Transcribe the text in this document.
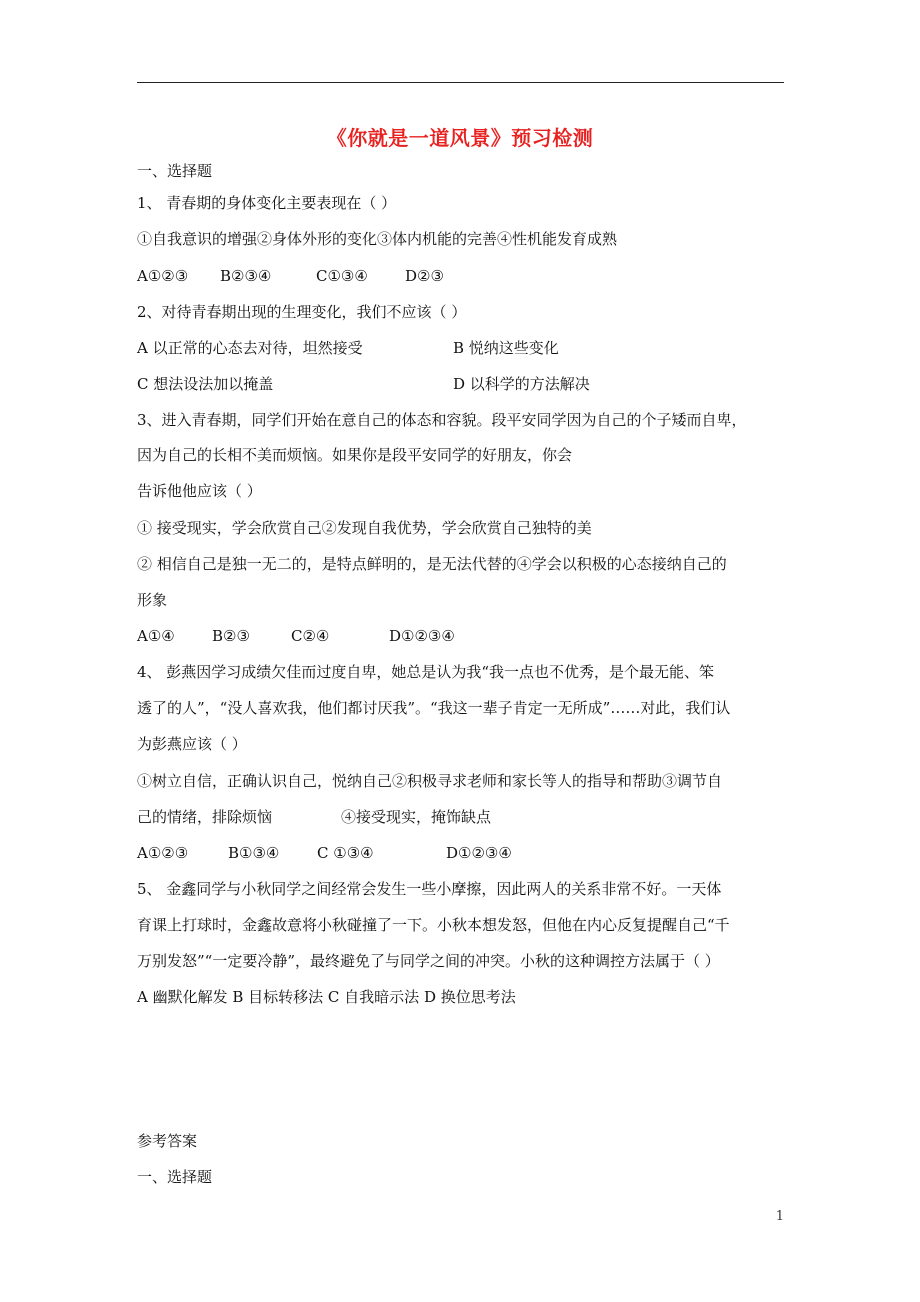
《你就是一道风景》预习检测
一、选择题
1、 青春期的身体变化主要表现在（ ）
①自我意识的增强②身体外形的变化③体内机能的完善④性机能发育成熟
A①②③ B②③④	C①③④ D②③
2、对待青春期出现的生理变化，我们不应该（ ）
A 以正常的心态去对待，坦然接受	B 悦纳这些变化
C 想法设法加以掩盖	D 以科学的方法解决
3、进入青春期，同学们开始在意自己的体态和容貌。段平安同学因为自己的个子矮而自卑，
因为自己的长相不美而烦恼。如果你是段平安同学的好朋友，你会
告诉他他应该（ ）
① 接受现实，学会欣赏自己②发现自我优势，学会欣赏自己独特的美
② 相信自己是独一无二的，是特点鲜明的，是无法代替的④学会以积极的心态接纳自己的
形象
A①④ B②③	C②④	D①②③④
4、 彭燕因学习成绩欠佳而过度自卑，她总是认为我“我一点也不优秀，是个最无能、笨
透了的人”，“没人喜欢我，他们都讨厌我”。“我这一辈子肯定一无所成”……对此，我们认
为彭燕应该（ ）
①树立自信，正确认识自己，悦纳自己②积极寻求老师和家长等人的指导和帮助③调节自
己的情绪，排除烦恼	④接受现实，掩饰缺点
A①②③	B①③④	C ①③④	D①②③④
5、 金鑫同学与小秋同学之间经常会发生一些小摩擦，因此两人的关系非常不好。一天体
育课上打球时，金鑫故意将小秋碰撞了一下。小秋本想发怒，但他在内心反复提醒自己“千
万别发怒”“一定要冷静”，最终避免了与同学之间的冲突。小秋的这种调控方法属于（ ）
A 幽默化解发 B 目标转移法 C 自我暗示法 D 换位思考法
参考答案
一、选择题
1
